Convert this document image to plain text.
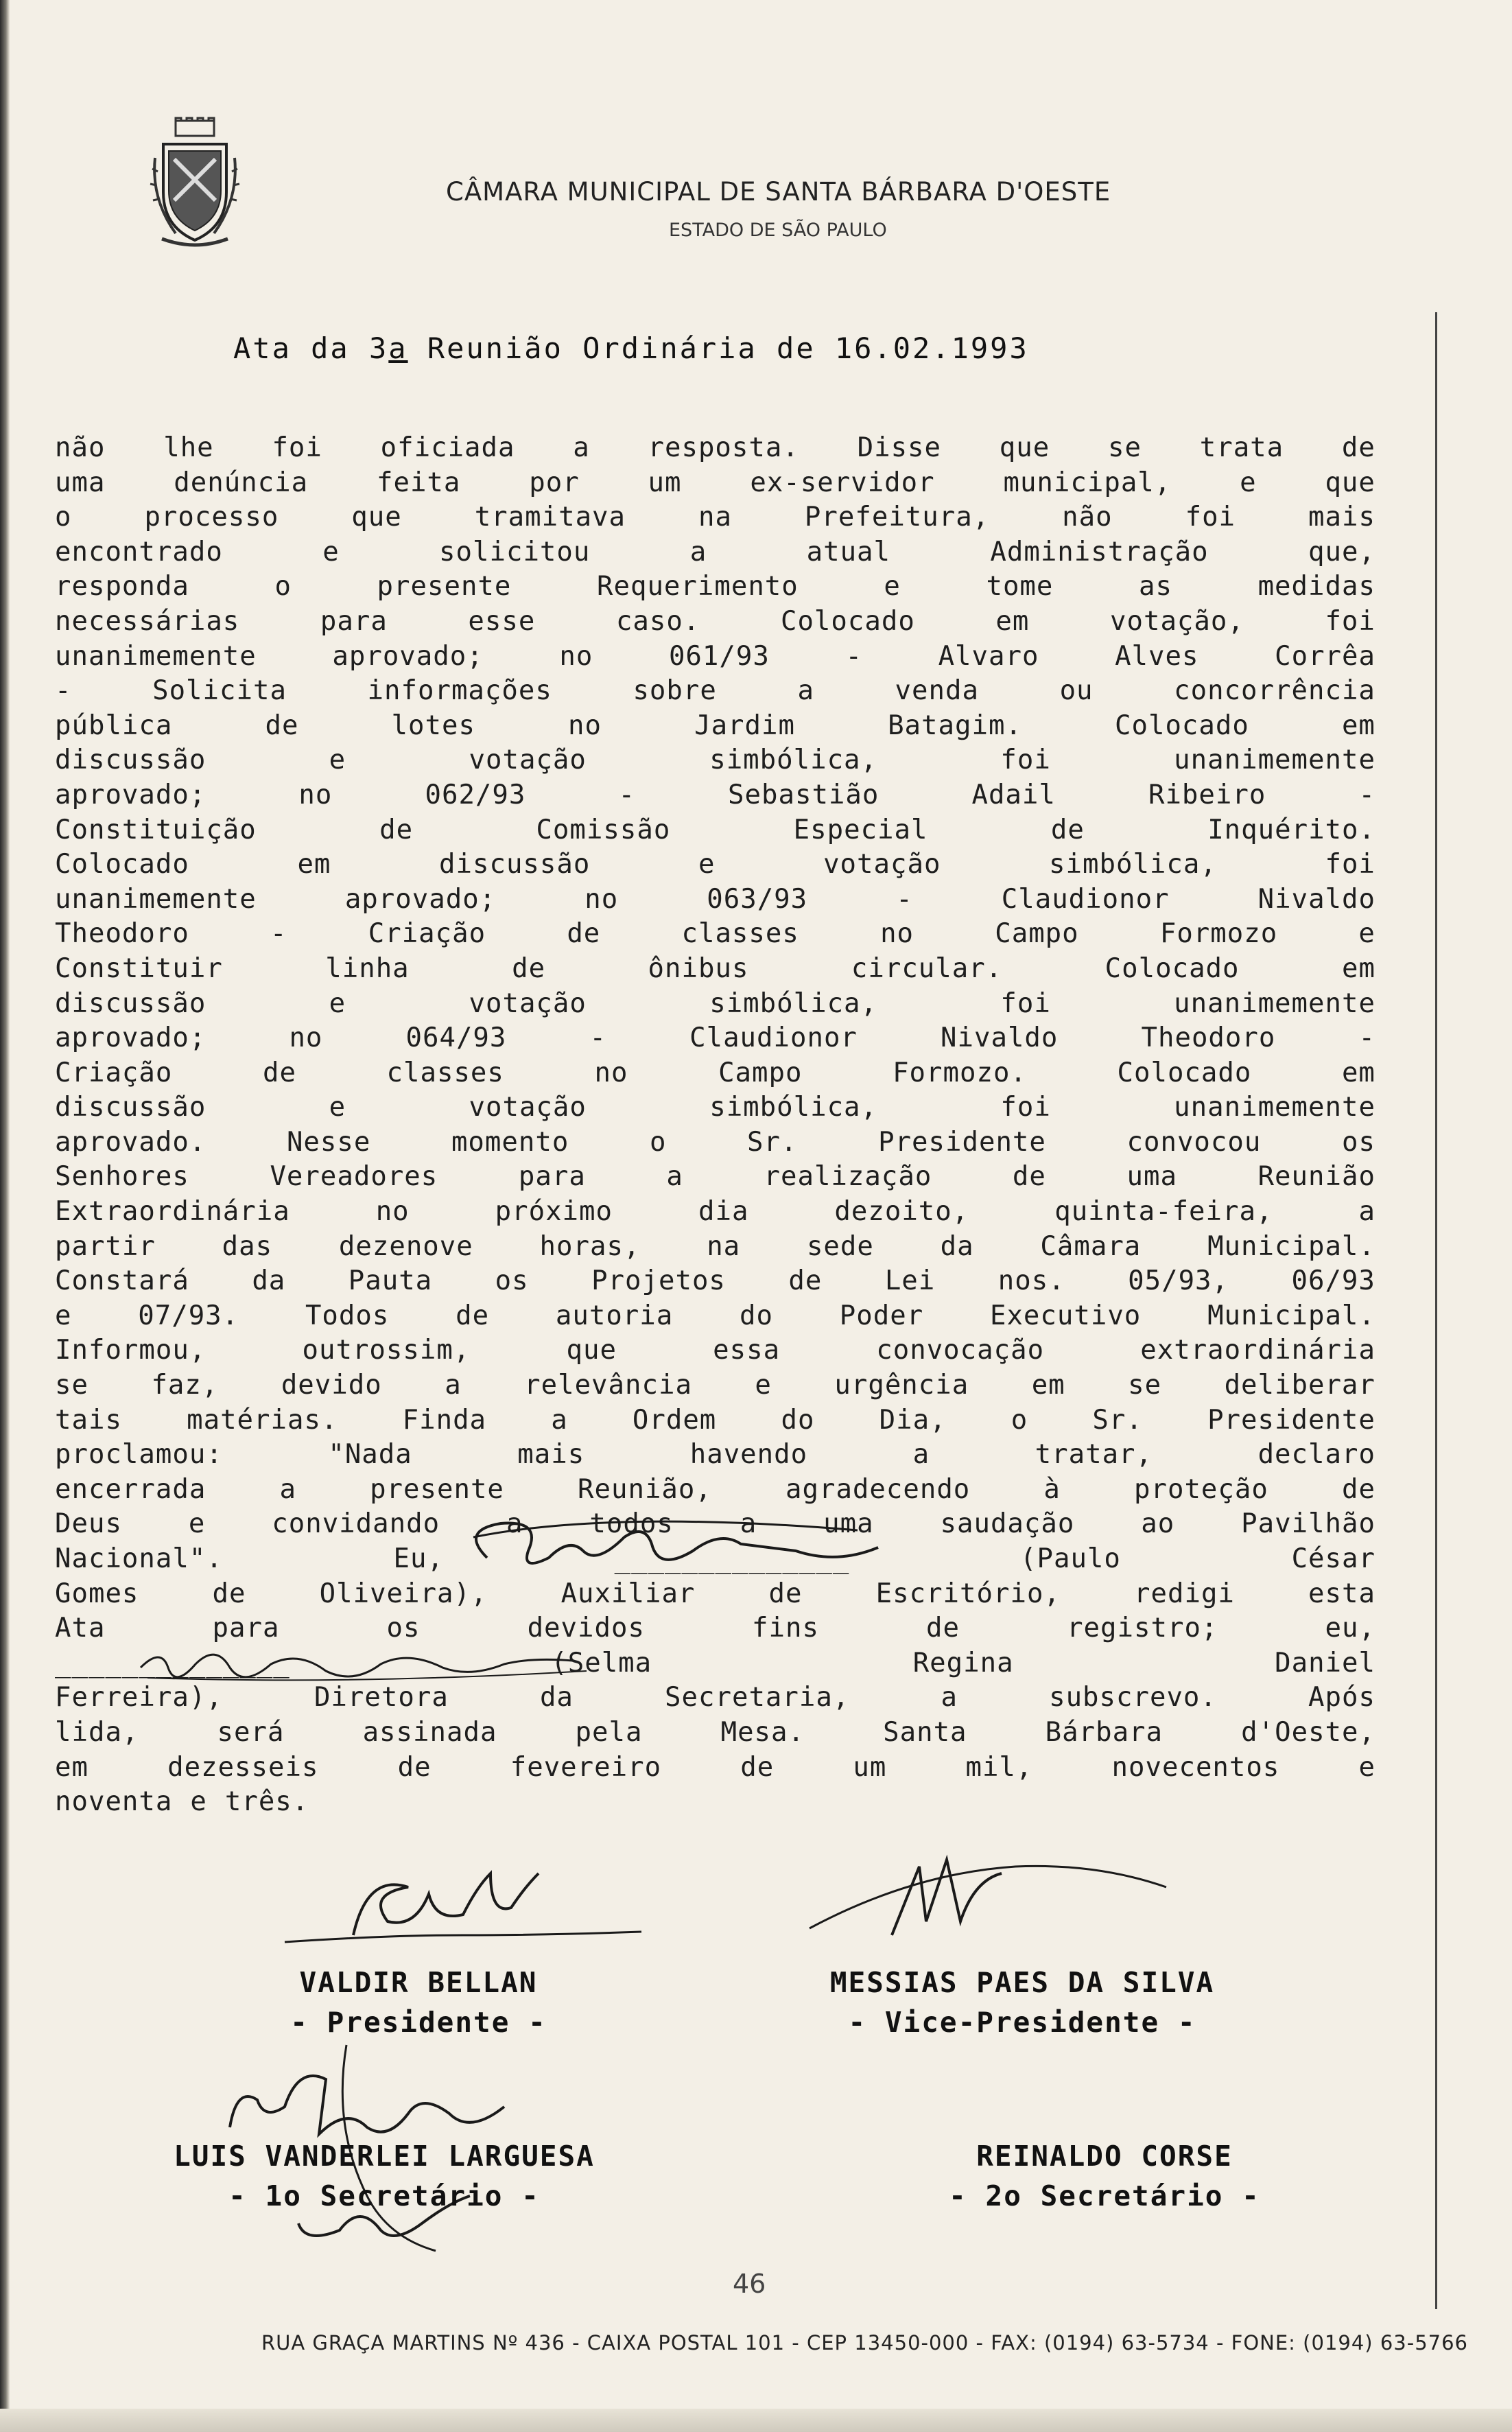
CÂMARA MUNICIPAL DE SANTA BÁRBARA D'OESTE
ESTADO DE SÃO PAULO
Ata da 3a Reunião Ordinária de 16.02.1993
não lhe foi oficiada a resposta. Disse que se trata de
uma	denúncia	feita	por	um	ex-servidor	municipal,	e	que
o	processo	que	tramitava	na	Prefeitura,	não	foi	mais
encontrado	e	solicitou	a	atual	Administração	que,
responda	o	presente	Requerimento	e	tome	as	medidas
necessárias	para	esse	caso.	Colocado	em	votação,	foi
unanimemente	aprovado;	no	061/93	-	Alvaro	Alves	Corrêa
-	Solicita	informações	sobre	a	venda	ou	concorrência
pública	de	lotes	no	Jardim	Batagim.	Colocado	em
discussão	e	votação	simbólica,	foi	unanimemente
aprovado;	no	062/93	-	Sebastião	Adail	Ribeiro	-
Constituição	de	Comissão	Especial	de	Inquérito.
Colocado	em	discussão	e	votação	simbólica,	foi
unanimemente	aprovado;	no	063/93	-	Claudionor	Nivaldo
Theodoro	-	Criação	de	classes	no	Campo	Formozo	e
Constituir	linha	de	ônibus	circular.	Colocado	em
discussão	e	votação	simbólica,	foi	unanimemente
aprovado;	no	064/93	-	Claudionor	Nivaldo	Theodoro	-
Criação	de	classes	no	Campo	Formozo.	Colocado	em
discussão	e	votação	simbólica,	foi	unanimemente
aprovado.	Nesse	momento	o	Sr.	Presidente	convocou	os
Senhores	Vereadores	para	a	realização	de	uma	Reunião
Extraordinária	no	próximo	dia	dezoito,	quinta-feira,	a
partir das dezenove horas, na sede da Câmara Municipal.
Constará da Pauta os Projetos de Lei nos. 05/93, 06/93
e 07/93. Todos de autoria do Poder Executivo Municipal.
Informou,	outrossim,	que	essa	convocação	extraordinária
se faz, devido a relevância e urgência em se deliberar
tais matérias. Finda a Ordem do Dia, o Sr. Presidente
proclamou:	"Nada	mais	havendo	a	tratar,	declaro
encerrada	a	presente	Reunião,	agradecendo	à	proteção	de
Deus e convidando a todos a uma saudação ao Pavilhão
Nacional".	Eu,	______________	(Paulo	César
Gomes	de	Oliveira),	Auxiliar	de	Escritório,	redigi	esta
Ata	para	os	devidos	fins	de	registro;	eu,
______________	(Selma	Regina	Daniel
Ferreira),	Diretora	da	Secretaria,	a	subscrevo.	Após
lida,	será	assinada	pela	Mesa.	Santa	Bárbara	d'Oeste,
em	dezesseis	de	fevereiro	de	um	mil,	novecentos	e
noventa e três.
VALDIR BELLAN
- Presidente -
MESSIAS PAES DA SILVA
- Vice-Presidente -
LUIS VANDERLEI LARGUESA
- 1o Secretário -
REINALDO CORSE
- 2o Secretário -
46
RUA GRAÇA MARTINS Nº 436 - CAIXA POSTAL 101 - CEP 13450-000 - FAX: (0194) 63-5734 - FONE: (0194) 63-5766
